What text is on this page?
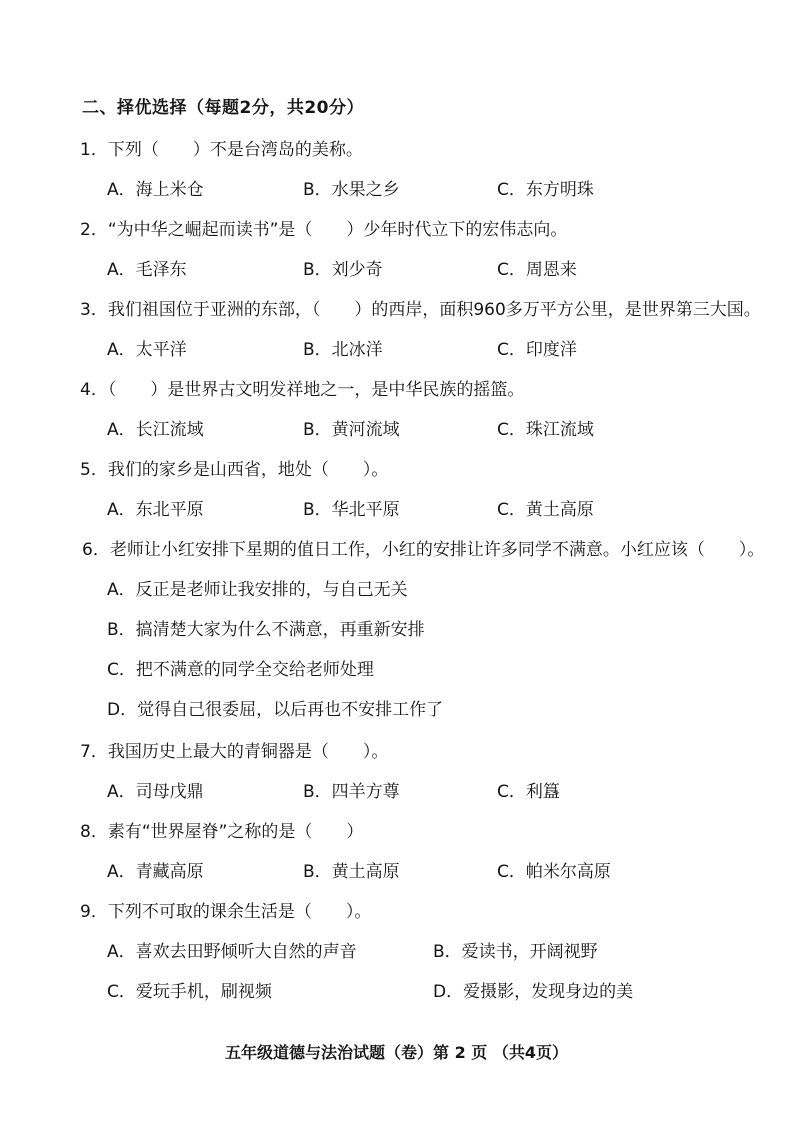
二、择优选择（每题2分，共20分）
1．下列（　　）不是台湾岛的美称。
A．海上米仓	B．水果之乡	C．东方明珠
2．“为中华之崛起而读书”是（　　）少年时代立下的宏伟志向。
A．毛泽东	B．刘少奇	C．周恩来
3．我们祖国位于亚洲的东部，（　　）的西岸，面积960多万平方公里，是世界第三大国。
A．太平洋	B．北冰洋	C．印度洋
4．（　　）是世界古文明发祥地之一，是中华民族的摇篮。
A．长江流域	B．黄河流域	C．珠江流域
5．我们的家乡是山西省，地处（　　）。
A．东北平原	B．华北平原	C．黄土高原
6．老师让小红安排下星期的值日工作，小红的安排让许多同学不满意。小红应该（　　）。
A．反正是老师让我安排的，与自己无关
B．搞清楚大家为什么不满意，再重新安排
C．把不满意的同学全交给老师处理
D．觉得自己很委屈，以后再也不安排工作了
7．我国历史上最大的青铜器是（　　）。
A．司母戊鼎	B．四羊方尊	C．利簋
8．素有“世界屋脊”之称的是（　　）
A．青藏高原	B．黄土高原	C．帕米尔高原
9．下列不可取的课余生活是（　　）。
A．喜欢去田野倾听大自然的声音	B．爱读书，开阔视野
C．爱玩手机，刷视频	D．爱摄影，发现身边的美
五年级道德与法治试题（卷）第 2 页 （共4页）
